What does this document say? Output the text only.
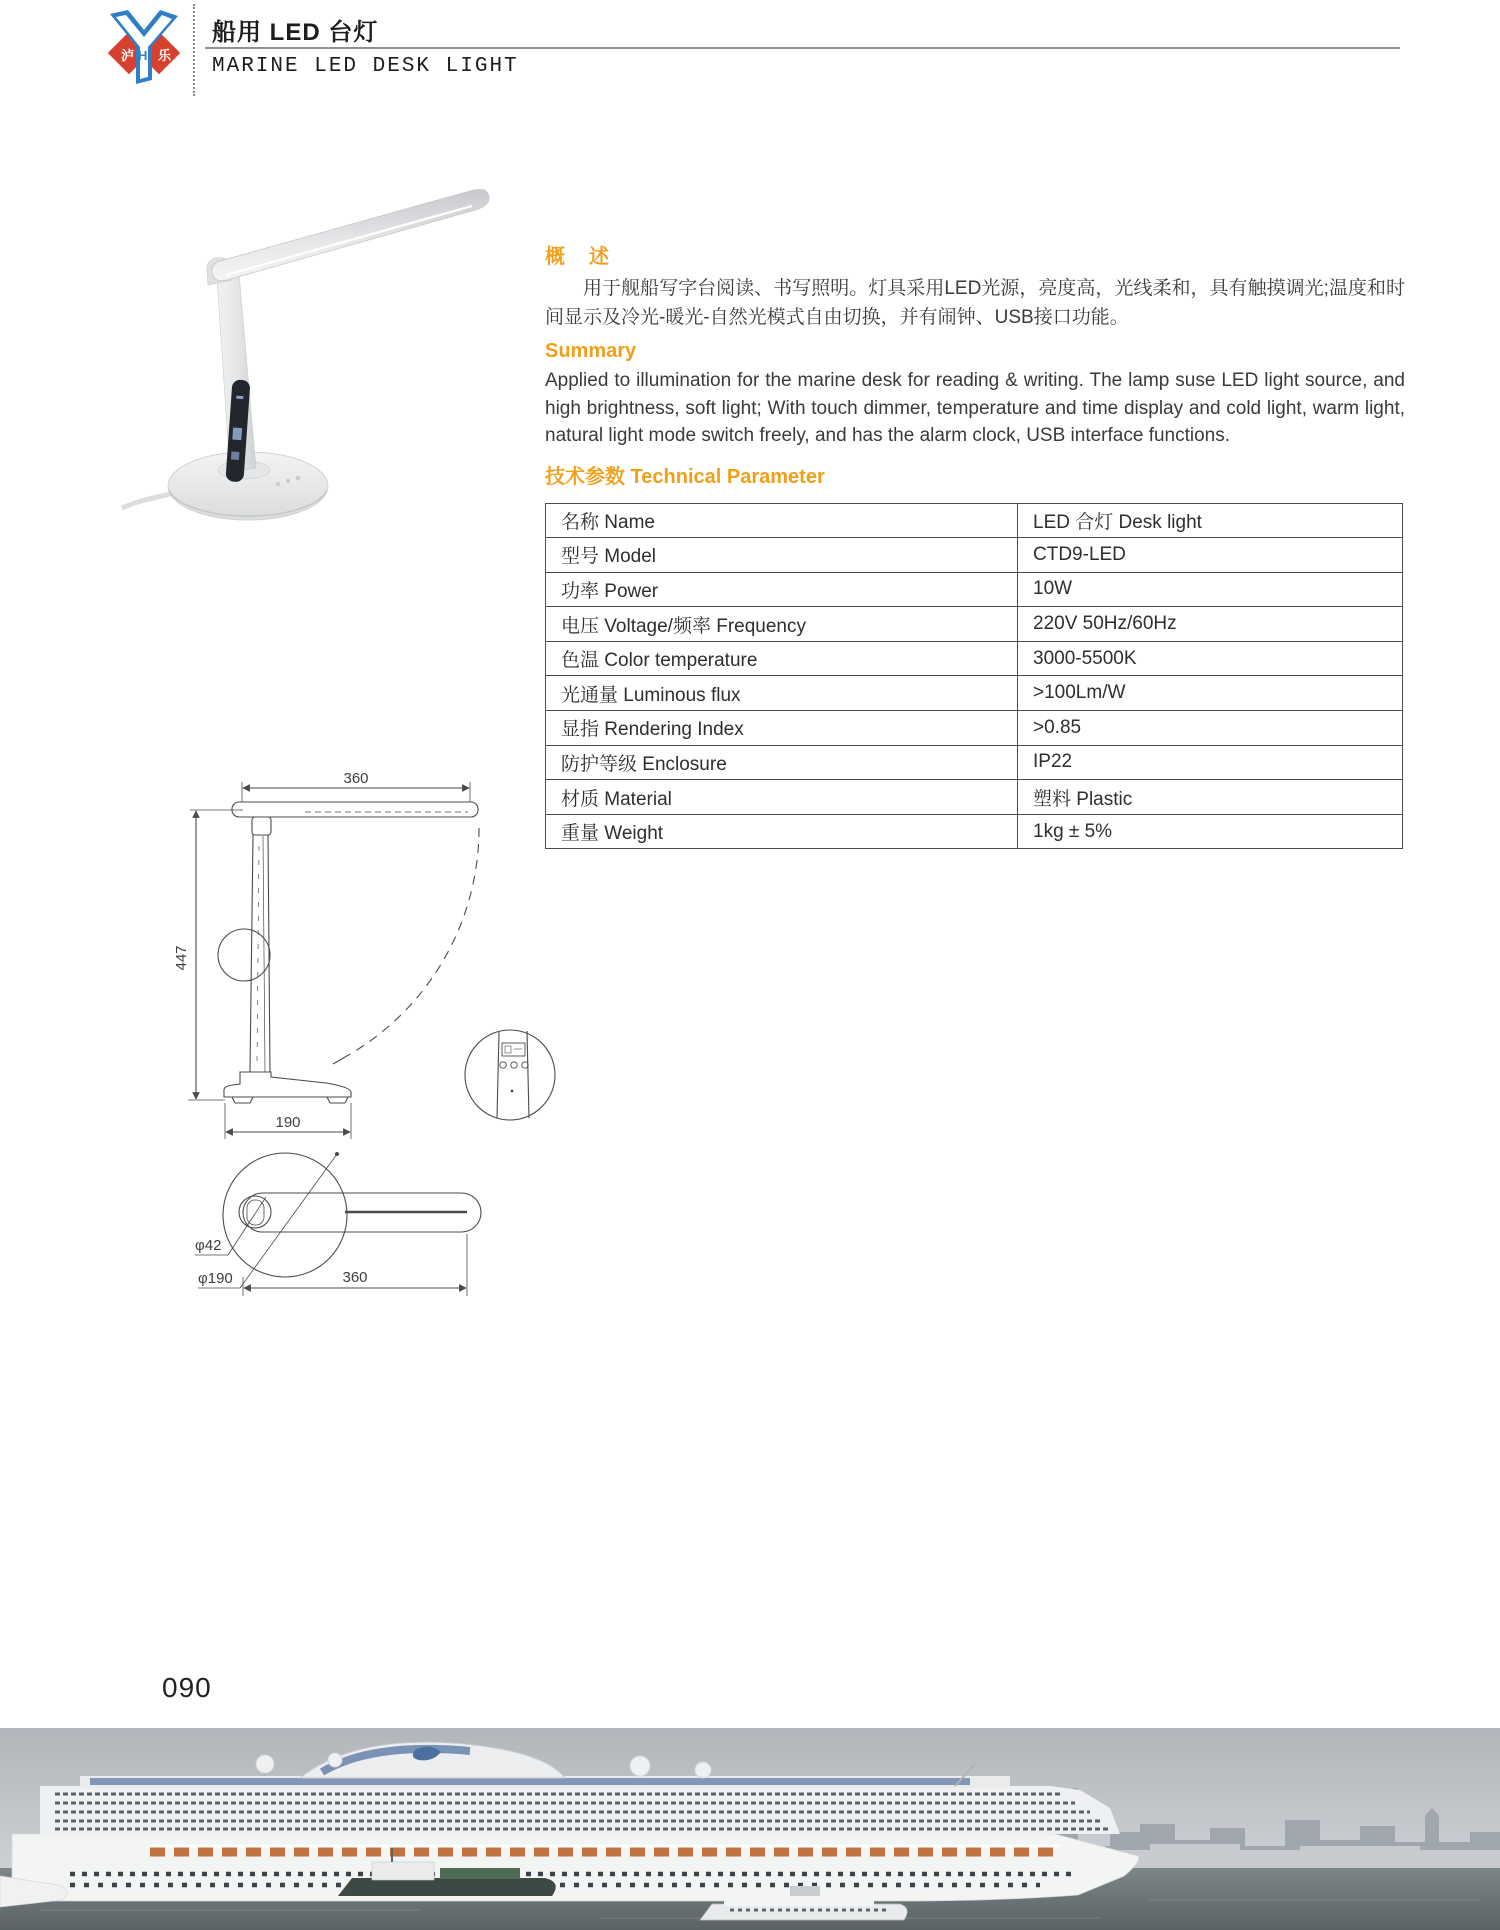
泸 H 乐
船用 LED 台灯
MARINE LED DESK LIGHT
360
447
190
φ42
φ190	360
概　述

用于舰船写字台阅读、书写照明。灯具采用LED光源，亮度高，光线柔和，具有触摸调光;温度和时间显示及冷光-暖光-自然光模式自由切换，并有闹钟、USB接口功能。

Summary

Applied to illumination for the marine desk for reading & writing. The lamp suse LED light source, and high brightness, soft light; With touch dimmer, temperature and time display and cold light, warm light, natural light mode switch freely, and has the alarm clock, USB interface functions.

技术参数 Technical Parameter
名称 Name	LED 合灯 Desk light
型号 Model	CTD9-LED
功率 Power	10W
电压 Voltage/频率 Frequency	220V 50Hz/60Hz
色温 Color temperature	3000-5500K
光通量 Luminous flux	>100Lm/W
显指 Rendering Index	>0.85
防护等级 Enclosure	IP22
材质 Material	塑料 Plastic
重量 Weight	1kg ± 5%
090
